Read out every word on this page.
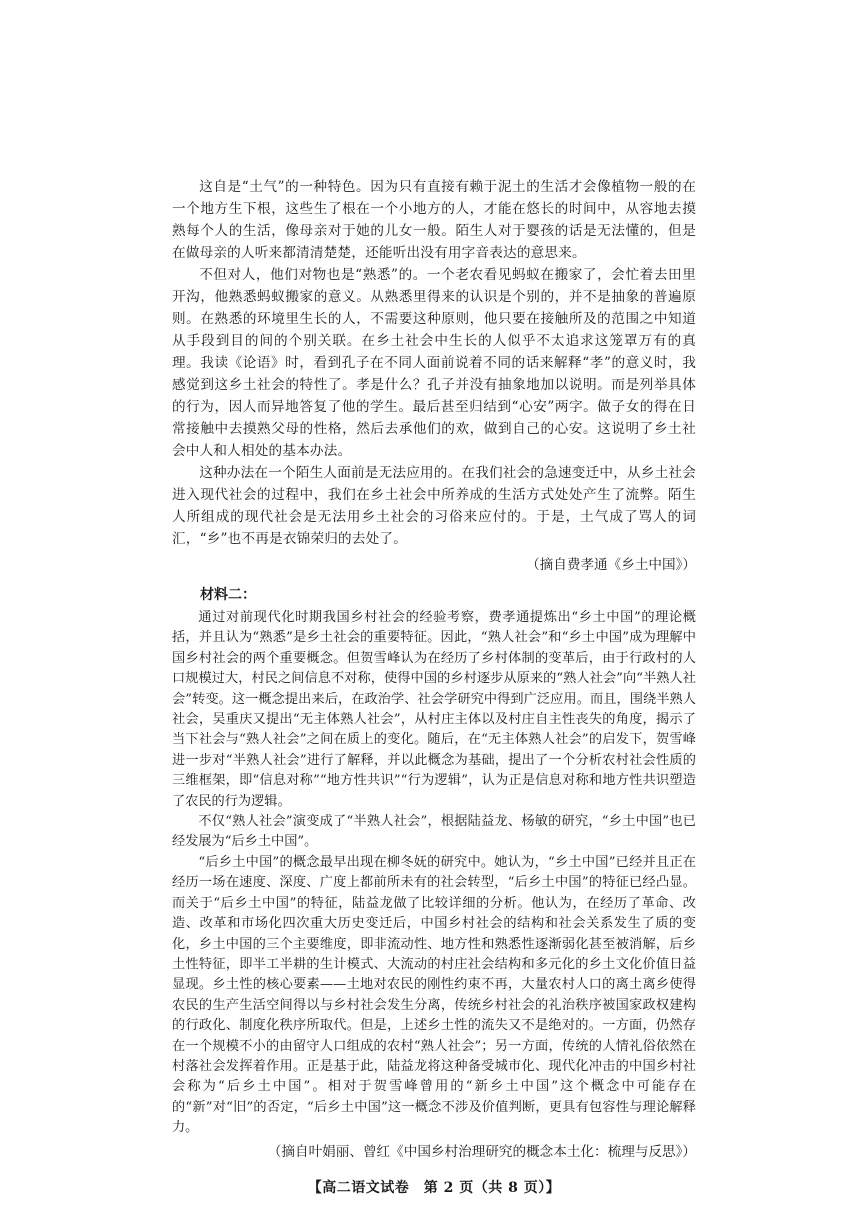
这自是“土气”的一种特色。因为只有直接有赖于泥土的生活才会像植物一般的在一个地方生下根，这些生了根在一个小地方的人，才能在悠长的时间中，从容地去摸熟每个人的生活，像母亲对于她的儿女一般。陌生人对于婴孩的话是无法懂的，但是在做母亲的人听来都清清楚楚，还能听出没有用字音表达的意思来。

不但对人，他们对物也是“熟悉”的。一个老农看见蚂蚁在搬家了，会忙着去田里开沟，他熟悉蚂蚁搬家的意义。从熟悉里得来的认识是个别的，并不是抽象的普遍原则。在熟悉的环境里生长的人，不需要这种原则，他只要在接触所及的范围之中知道从手段到目的间的个别关联。在乡土社会中生长的人似乎不太追求这笼罩万有的真理。我读《论语》时，看到孔子在不同人面前说着不同的话来解释“孝”的意义时，我感觉到这乡土社会的特性了。孝是什么？孔子并没有抽象地加以说明。而是列举具体的行为，因人而异地答复了他的学生。最后甚至归结到“心安”两字。做子女的得在日常接触中去摸熟父母的性格，然后去承他们的欢，做到自己的心安。这说明了乡土社会中人和人相处的基本办法。

这种办法在一个陌生人面前是无法应用的。在我们社会的急速变迁中，从乡土社会进入现代社会的过程中，我们在乡土社会中所养成的生活方式处处产生了流弊。陌生人所组成的现代社会是无法用乡土社会的习俗来应付的。于是，土气成了骂人的词汇，“乡”也不再是衣锦荣归的去处了。

（摘自费孝通《乡土中国》）
材料二：

通过对前现代化时期我国乡村社会的经验考察，费孝通提炼出“乡土中国”的理论概括，并且认为“熟悉”是乡土社会的重要特征。因此，“熟人社会”和“乡土中国”成为理解中国乡村社会的两个重要概念。但贺雪峰认为在经历了乡村体制的变革后，由于行政村的人口规模过大，村民之间信息不对称，使得中国的乡村逐步从原来的“熟人社会”向“半熟人社会”转变。这一概念提出来后，在政治学、社会学研究中得到广泛应用。而且，围绕半熟人社会，吴重庆又提出“无主体熟人社会”，从村庄主体以及村庄自主性丧失的角度，揭示了当下社会与“熟人社会”之间在质上的变化。随后，在“无主体熟人社会”的启发下，贺雪峰进一步对“半熟人社会”进行了解释，并以此概念为基础，提出了一个分析农村社会性质的三维框架，即“信息对称”“地方性共识”“行为逻辑”，认为正是信息对称和地方性共识塑造了农民的行为逻辑。

不仅“熟人社会”演变成了“半熟人社会”，根据陆益龙、杨敏的研究，“乡土中国”也已经发展为“后乡土中国”。

“后乡土中国”的概念最早出现在柳冬妩的研究中。她认为，“乡土中国”已经并且正在经历一场在速度、深度、广度上都前所未有的社会转型，“后乡土中国”的特征已经凸显。而关于“后乡土中国”的特征，陆益龙做了比较详细的分析。他认为，在经历了革命、改造、改革和市场化四次重大历史变迁后，中国乡村社会的结构和社会关系发生了质的变化，乡土中国的三个主要维度，即非流动性、地方性和熟悉性逐渐弱化甚至被消解，后乡土性特征，即半工半耕的生计模式、大流动的村庄社会结构和多元化的乡土文化价值日益显现。乡土性的核心要素——土地对农民的刚性约束不再，大量农村人口的离土离乡使得农民的生产生活空间得以与乡村社会发生分离，传统乡村社会的礼治秩序被国家政权建构的行政化、制度化秩序所取代。但是，上述乡土性的流失又不是绝对的。一方面，仍然存在一个规模不小的由留守人口组成的农村“熟人社会”；另一方面，传统的人情礼俗依然在村落社会发挥着作用。正是基于此，陆益龙将这种备受城市化、现代化冲击的中国乡村社会称为“后乡土中国”。相对于贺雪峰曾用的“新乡土中国”这个概念中可能存在的“新”对“旧”的否定，“后乡土中国”这一概念不涉及价值判断，更具有包容性与理论解释力。

（摘自叶娟丽、曾红《中国乡村治理研究的概念本土化：梳理与反思》）
【高二语文试卷　第 2 页（共 8 页）】
